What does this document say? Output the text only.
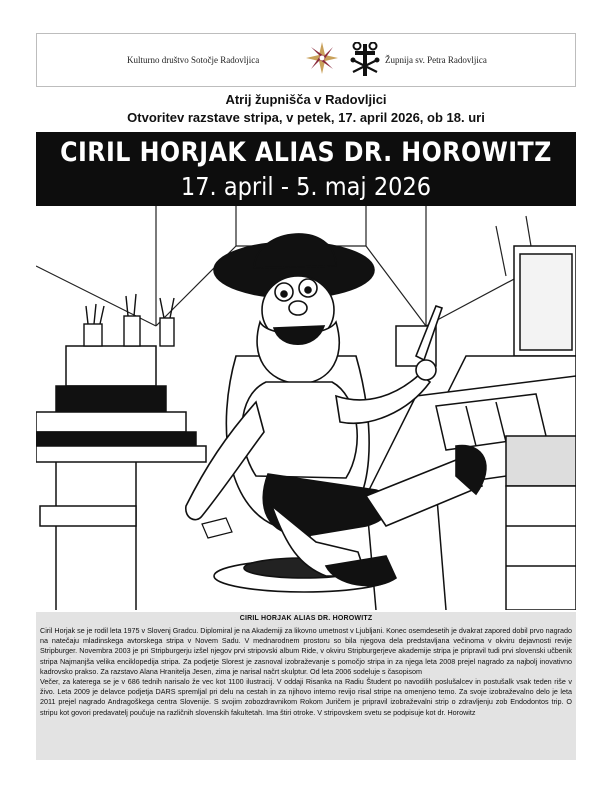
Kulturno društvo Sotočje Radovljica	Župnija sv. Petra Radovljica
Atrij župnišča v Radovljici
Otvoritev razstave stripa, v petek, 17. april 2026, ob 18. uri
CIRIL HORJAK ALIAS DR. HOROWITZ
17. april - 5. maj 2026
CIRIL HORJAK ALIAS DR. HOROWITZ

Ciril Horjak se je rodil leta 1975 v Slovenj Gradcu. Diplomiral je na Akademiji za likovno umetnost v Ljubljani. Konec osemdesetih je dvakrat zapored dobil prvo nagrado na natečaju mladinskega avtorskega stripa v Novem Sadu. V mednarodnem prostoru so bila njegova dela predstavljana večinoma v okviru dejavnosti revije Stripburger. Novembra 2003 je pri Stripburgerju izšel njegov prvi stripovski album Ride, v okviru Stripburgerjeve akademije stripa je pripravil tudi prvi slovenski učbenik stripa Najmanjša velika enciklopedija stripa. Za podjetje Slorest je zasnoval izobraževanje s pomočjo stripa in za njega leta 2008 prejel nagrado za najbolj inovativno kadrovsko prakso. Za razstavo Alana Hranitelja Jesen, zima je narisal načrt skulptur. Od leta 2006 sodeluje s časopisom

Večer, za katerega se je v 686 tednih narisalo že vec kot 1100 ilustracij. V oddaji Risanka na Radiu Študent po navodilih poslušalcev in postušalk vsak teden riše v živo. Leta 2009 je delavce podjetja DARS spremljal pri delu na cestah in za njihovo interno revijo risal stripe na omenjeno temo. Za svoje izobraževalno delo je leta 2011 prejel nagrado Andragoškega centra Slovenije. S svojim zobozdravnikom Rokom Juričem je pripravil izobraževalni strip o zdravljenju zob Endodontos trip. O stripu kot govori predavatelj poučuje na različnih slovenskih fakultetah. Ima štiri otroke. V stripovskem svetu se podpisuje kot dr. Horowitz
